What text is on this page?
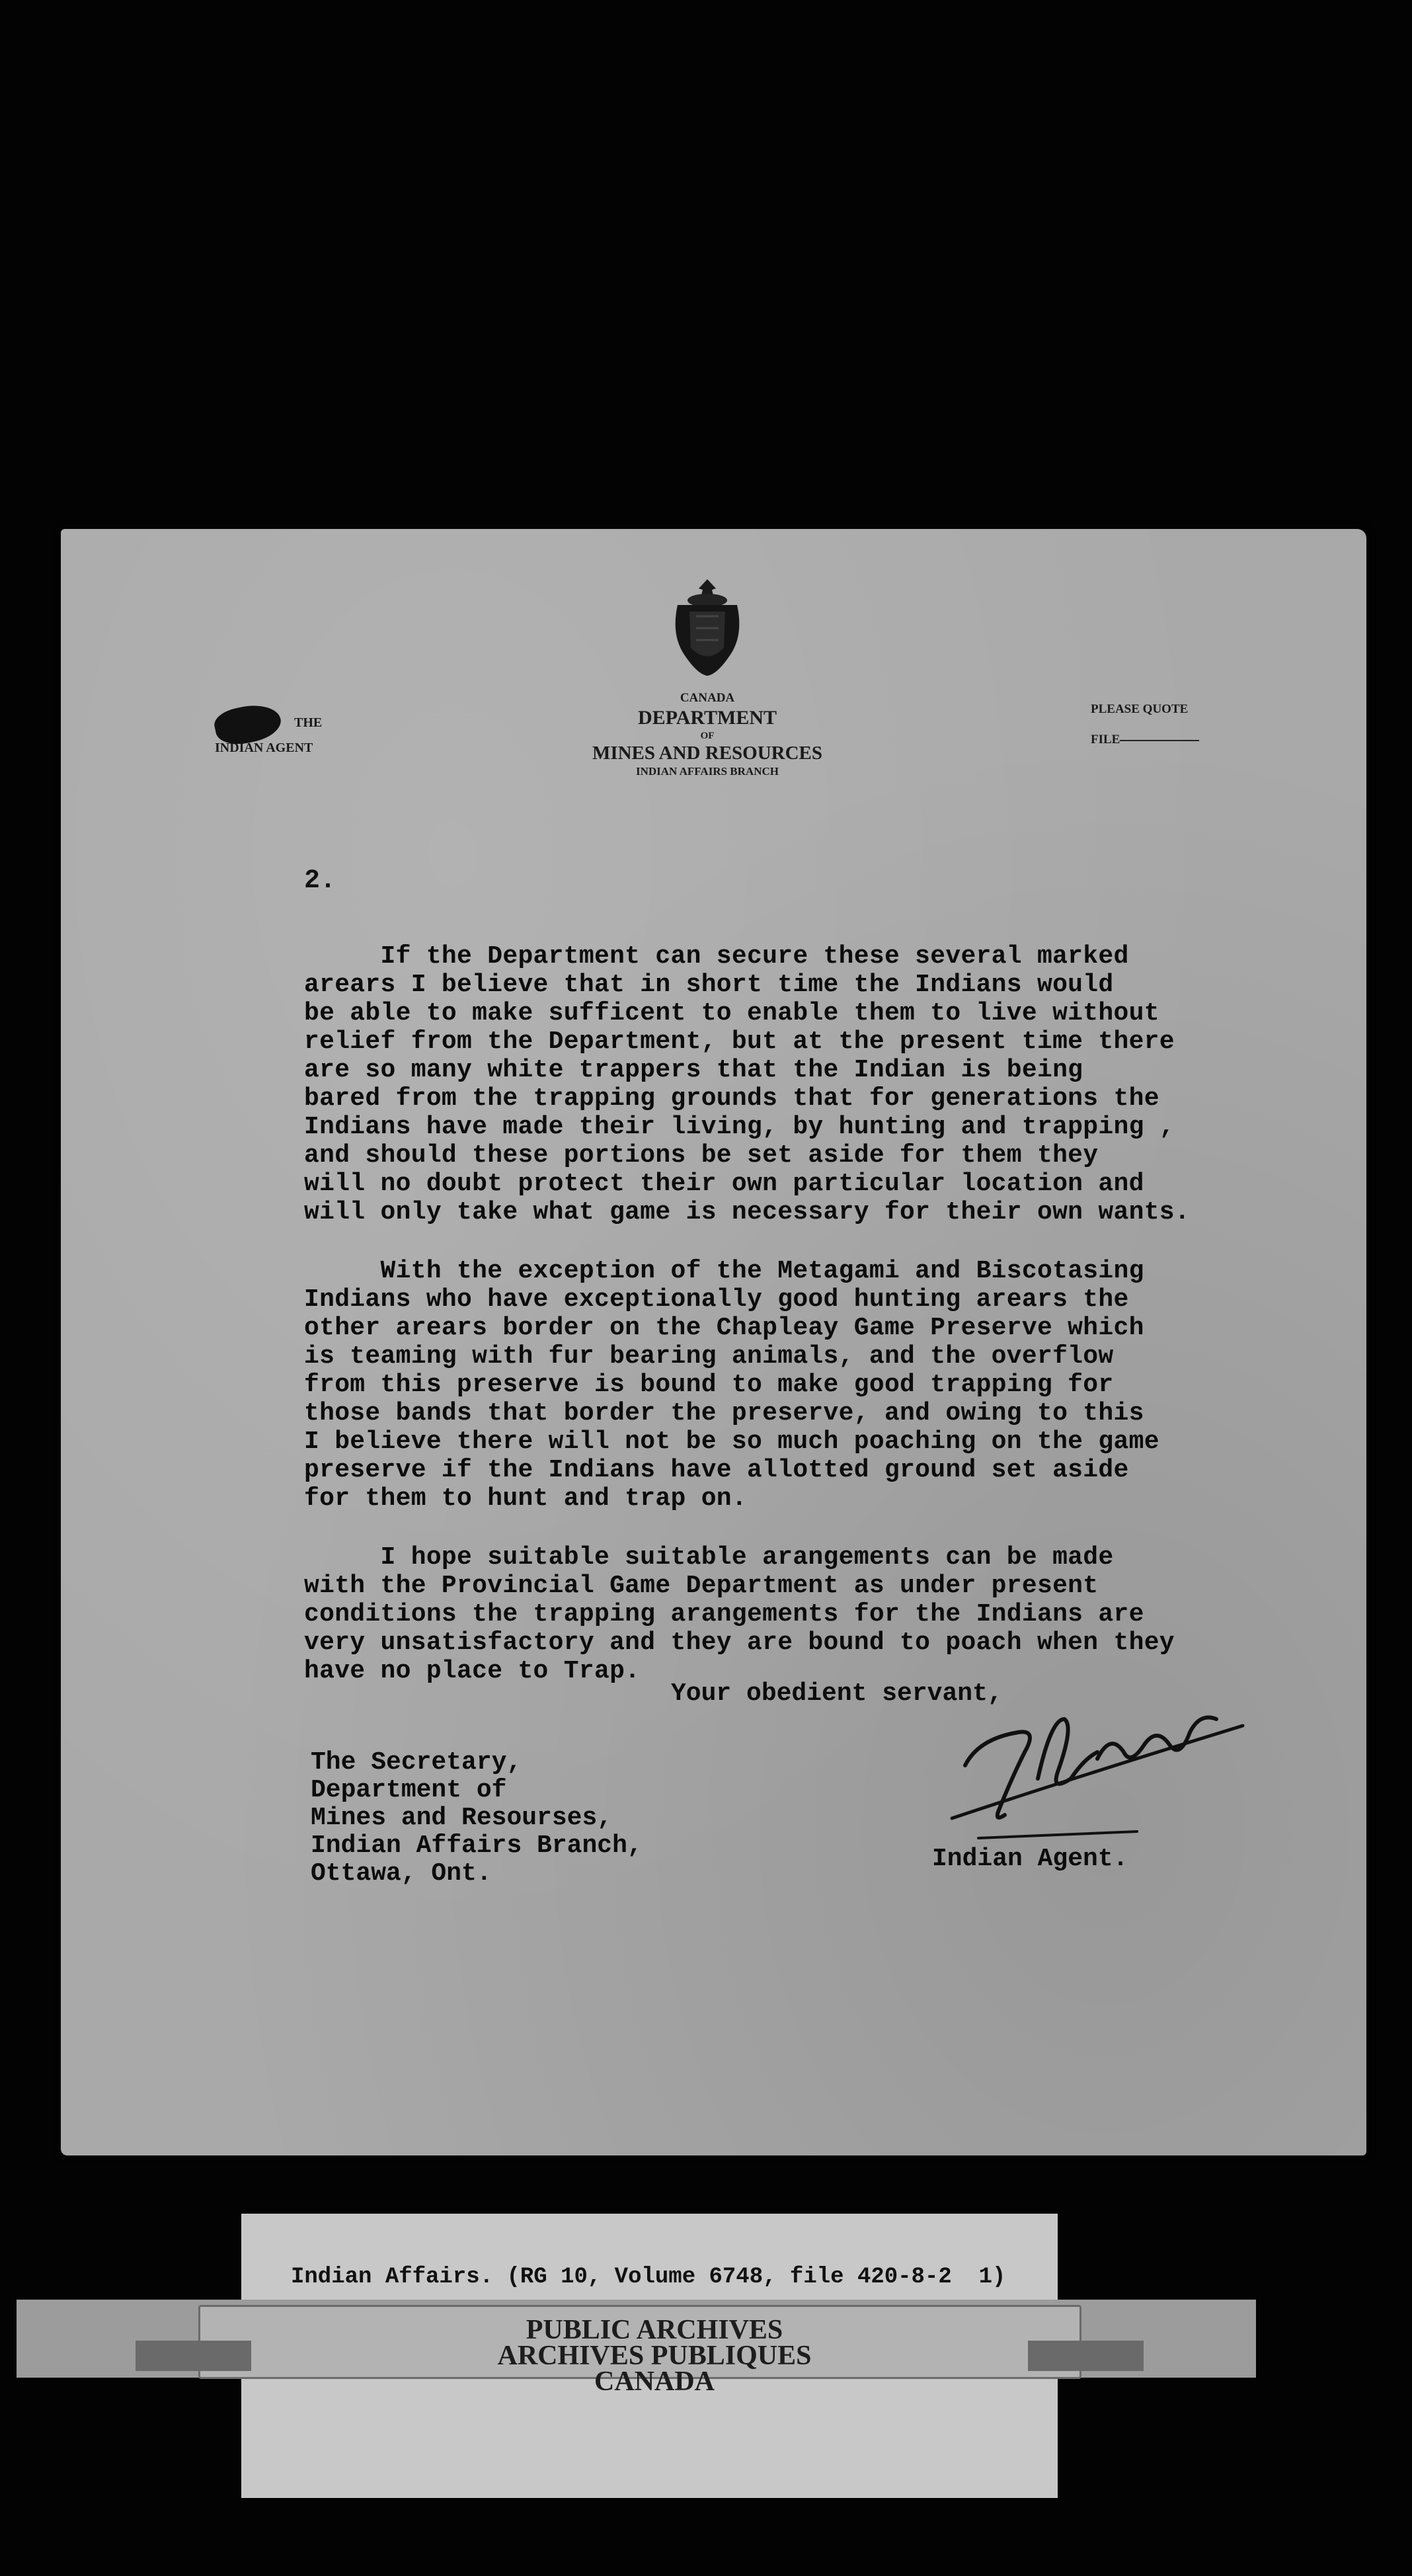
THE
INDIAN AGENT
CANADA
DEPARTMENT
OF
MINES AND RESOURCES
INDIAN AFFAIRS BRANCH
PLEASE QUOTE
FILE
2.
If the Department can secure these several marked
arears I believe that in short time the Indians would
be able to make sufficent to enable them to live without
relief from the Department, but at the present time there
are so many white trappers that the Indian is being
bared from the trapping grounds that for generations the
Indians have made their living, by hunting and trapping ,
and should these portions be set aside for them they
will no doubt protect their own particular location and
will only take what game is necessary for their own wants.
With the exception of the Metagami and Biscotasing
Indians who have exceptionally good hunting arears the
other arears border on the Chapleay Game Preserve which
is teaming with fur bearing animals, and the overflow
from this preserve is bound to make good trapping for
those bands that border the preserve, and owing to this
I believe there will not be so much poaching on the game
preserve if the Indians have allotted ground set aside
for them to hunt and trap on.
I hope suitable suitable arangements can be made
with the Provincial Game Department as under present
conditions the trapping arangements for the Indians are
very unsatisfactory and they are bound to poach when they
have no place to Trap.
Your obedient servant,
The Secretary,
Department of
Mines and Resourses,
Indian Affairs Branch,
Ottawa, Ont.
Indian Agent.
Indian Affairs. (RG 10, Volume 6748, file 420-8-2  1)
PUBLIC ARCHIVES
ARCHIVES PUBLIQUES
CANADA
